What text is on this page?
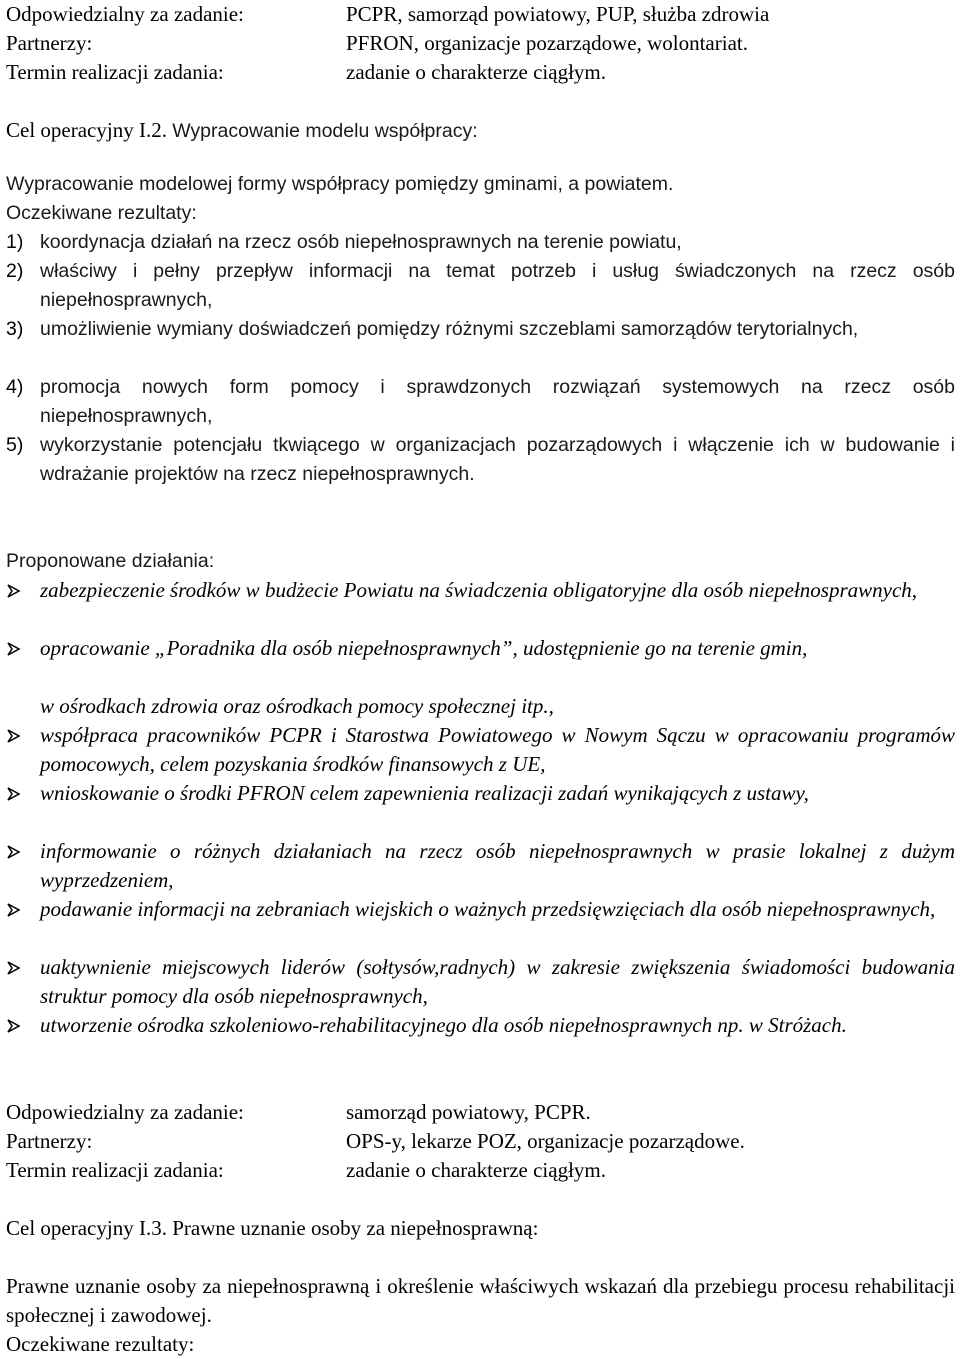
Odpowiedzialny za zadanie:	PCPR, samorząd powiatowy, PUP, służba zdrowia
Partnerzy:	PFRON, organizacje pozarządowe, wolontariat.
Termin realizacji zadania:	zadanie o charakterze ciągłym.
Cel operacyjny I.2. Wypracowanie modelu współpracy:
Wypracowanie modelowej formy współpracy pomiędzy gminami, a powiatem.
Oczekiwane rezultaty:
1) koordynacja działań na rzecz osób niepełnosprawnych na terenie powiatu,
2) właściwy i pełny przepływ informacji na temat potrzeb i usług świadczonych na rzecz osób niepełnosprawnych,
3) umożliwienie wymiany doświadczeń pomiędzy różnymi szczeblami samorządów terytorialnych,
4) promocja nowych form pomocy i sprawdzonych rozwiązań systemowych na rzecz osób niepełnosprawnych,
5) wykorzystanie potencjału tkwiącego w organizacjach pozarządowych i włączenie ich w budowanie i wdrażanie projektów na rzecz niepełnosprawnych.
Proponowane działania:
zabezpieczenie środków w budżecie Powiatu na świadczenia obligatoryjne dla osób niepełnosprawnych,
opracowanie „Poradnika dla osób niepełnosprawnych”, udostępnienie go na terenie gmin,
w ośrodkach zdrowia oraz ośrodkach pomocy społecznej itp.,
współpraca pracowników PCPR i Starostwa Powiatowego w Nowym Sączu w opracowaniu programów pomocowych, celem pozyskania środków finansowych z UE,
wnioskowanie o środki PFRON celem zapewnienia realizacji zadań wynikających z ustawy,
informowanie o różnych działaniach na rzecz osób niepełnosprawnych w prasie lokalnej z dużym wyprzedzeniem,
podawanie informacji na zebraniach wiejskich o ważnych przedsięwzięciach dla osób niepełnosprawnych,
uaktywnienie miejscowych liderów (sołtysów,radnych) w zakresie zwiększenia świadomości budowania struktur pomocy dla osób niepełnosprawnych,
utworzenie ośrodka szkoleniowo-rehabilitacyjnego dla osób niepełnosprawnych np. w Stróżach.
Odpowiedzialny za zadanie:	samorząd powiatowy, PCPR.
Partnerzy:	OPS-y, lekarze POZ, organizacje pozarządowe.
Termin realizacji zadania:	zadanie o charakterze ciągłym.
Cel operacyjny I.3. Prawne uznanie osoby za niepełnosprawną:
Prawne uznanie osoby za niepełnosprawną i określenie właściwych wskazań dla przebiegu procesu rehabilitacji społecznej i zawodowej.
Oczekiwane rezultaty:
